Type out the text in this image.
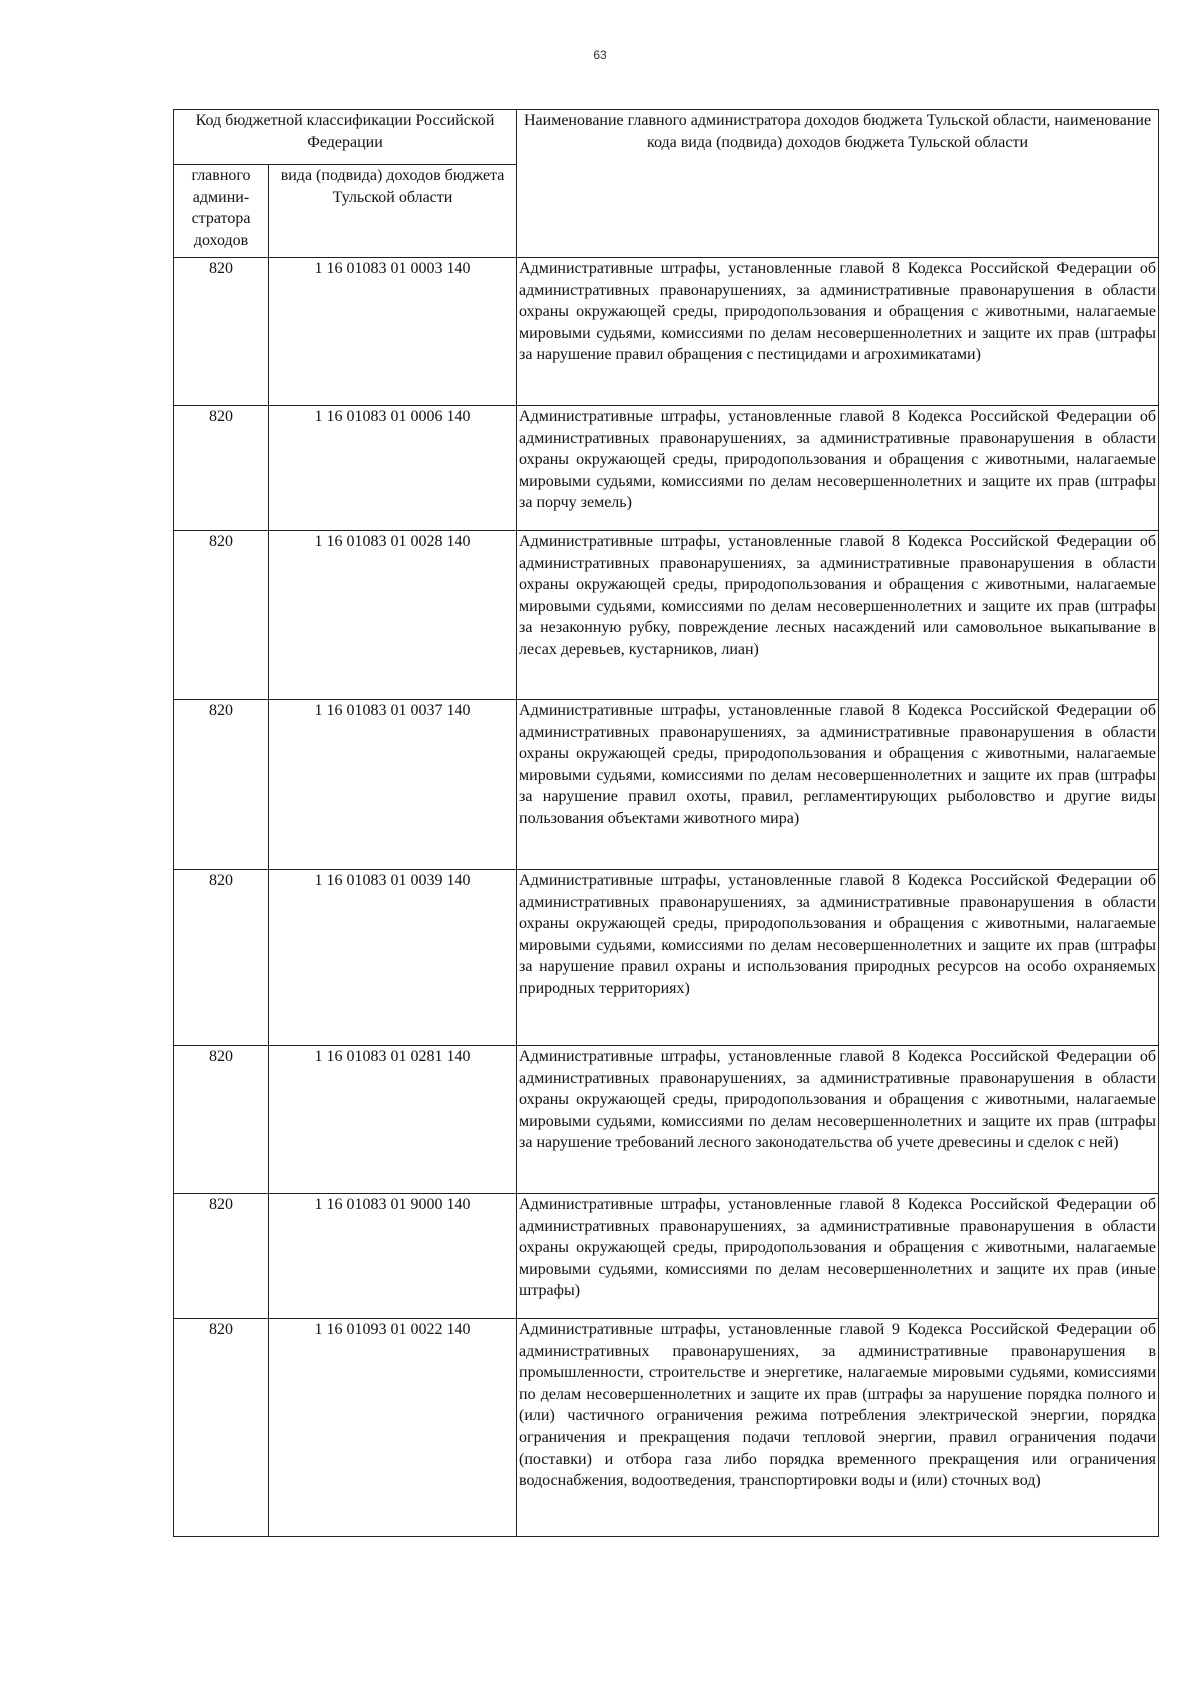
63
Код бюджетной классификации Российской Федерации		Наименование главного администратора доходов бюджета Тульской области, наименование кода вида (подвида) доходов бюджета Тульской области
главного админи-стратора доходов	вида (подвида) доходов бюджета Тульской области	
820	1 16 01083 01 0003 140	Административные штрафы, установленные главой 8 Кодекса Российской Федерации об административных правонарушениях, за административные правонарушения в области охраны окружающей среды, природопользования и обращения с животными, налагаемые мировыми судьями, комиссиями по делам несовершеннолетних и защите их прав (штрафы за нарушение правил обращения с пестицидами и агрохимикатами)
820	1 16 01083 01 0006 140	Административные штрафы, установленные главой 8 Кодекса Российской Федерации об административных правонарушениях, за административные правонарушения в области охраны окружающей среды, природопользования и обращения с животными, налагаемые мировыми судьями, комиссиями по делам несовершеннолетних и защите их прав (штрафы за порчу земель)
820	1 16 01083 01 0028 140	Административные штрафы, установленные главой 8 Кодекса Российской Федерации об административных правонарушениях, за административные правонарушения в области охраны окружающей среды, природопользования и обращения с животными, налагаемые мировыми судьями, комиссиями по делам несовершеннолетних и защите их прав (штрафы за незаконную рубку, повреждение лесных насаждений или самовольное выкапывание в лесах деревьев, кустарников, лиан)
820	1 16 01083 01 0037 140	Административные штрафы, установленные главой 8 Кодекса Российской Федерации об административных правонарушениях, за административные правонарушения в области охраны окружающей среды, природопользования и обращения с животными, налагаемые мировыми судьями, комиссиями по делам несовершеннолетних и защите их прав (штрафы за нарушение правил охоты, правил, регламентирующих рыболовство и другие виды пользования объектами животного мира)
820	1 16 01083 01 0039 140	Административные штрафы, установленные главой 8 Кодекса Российской Федерации об административных правонарушениях, за административные правонарушения в области охраны окружающей среды, природопользования и обращения с животными, налагаемые мировыми судьями, комиссиями по делам несовершеннолетних и защите их прав (штрафы за нарушение правил охраны и использования природных ресурсов на особо охраняемых природных территориях)
820	1 16 01083 01 0281 140	Административные штрафы, установленные главой 8 Кодекса Российской Федерации об административных правонарушениях, за административные правонарушения в области охраны окружающей среды, природопользования и обращения с животными, налагаемые мировыми судьями, комиссиями по делам несовершеннолетних и защите их прав (штрафы за нарушение требований лесного законодательства об учете древесины и сделок с ней)
820	1 16 01083 01 9000 140	Административные штрафы, установленные главой 8 Кодекса Российской Федерации об административных правонарушениях, за административные правонарушения в области охраны окружающей среды, природопользования и обращения с животными, налагаемые мировыми судьями, комиссиями по делам несовершеннолетних и защите их прав (иные штрафы)
820	1 16 01093 01 0022 140	Административные штрафы, установленные главой 9 Кодекса Российской Федерации об административных правонарушениях, за административные правонарушения в промышленности, строительстве и энергетике, налагаемые мировыми судьями, комиссиями по делам несовершеннолетних и защите их прав (штрафы за нарушение порядка полного и (или) частичного ограничения режима потребления электрической энергии, порядка ограничения и прекращения подачи тепловой энергии, правил ограничения подачи (поставки) и отбора газа либо порядка временного прекращения или ограничения водоснабжения, водоотведения, транспортировки воды и (или) сточных вод)
